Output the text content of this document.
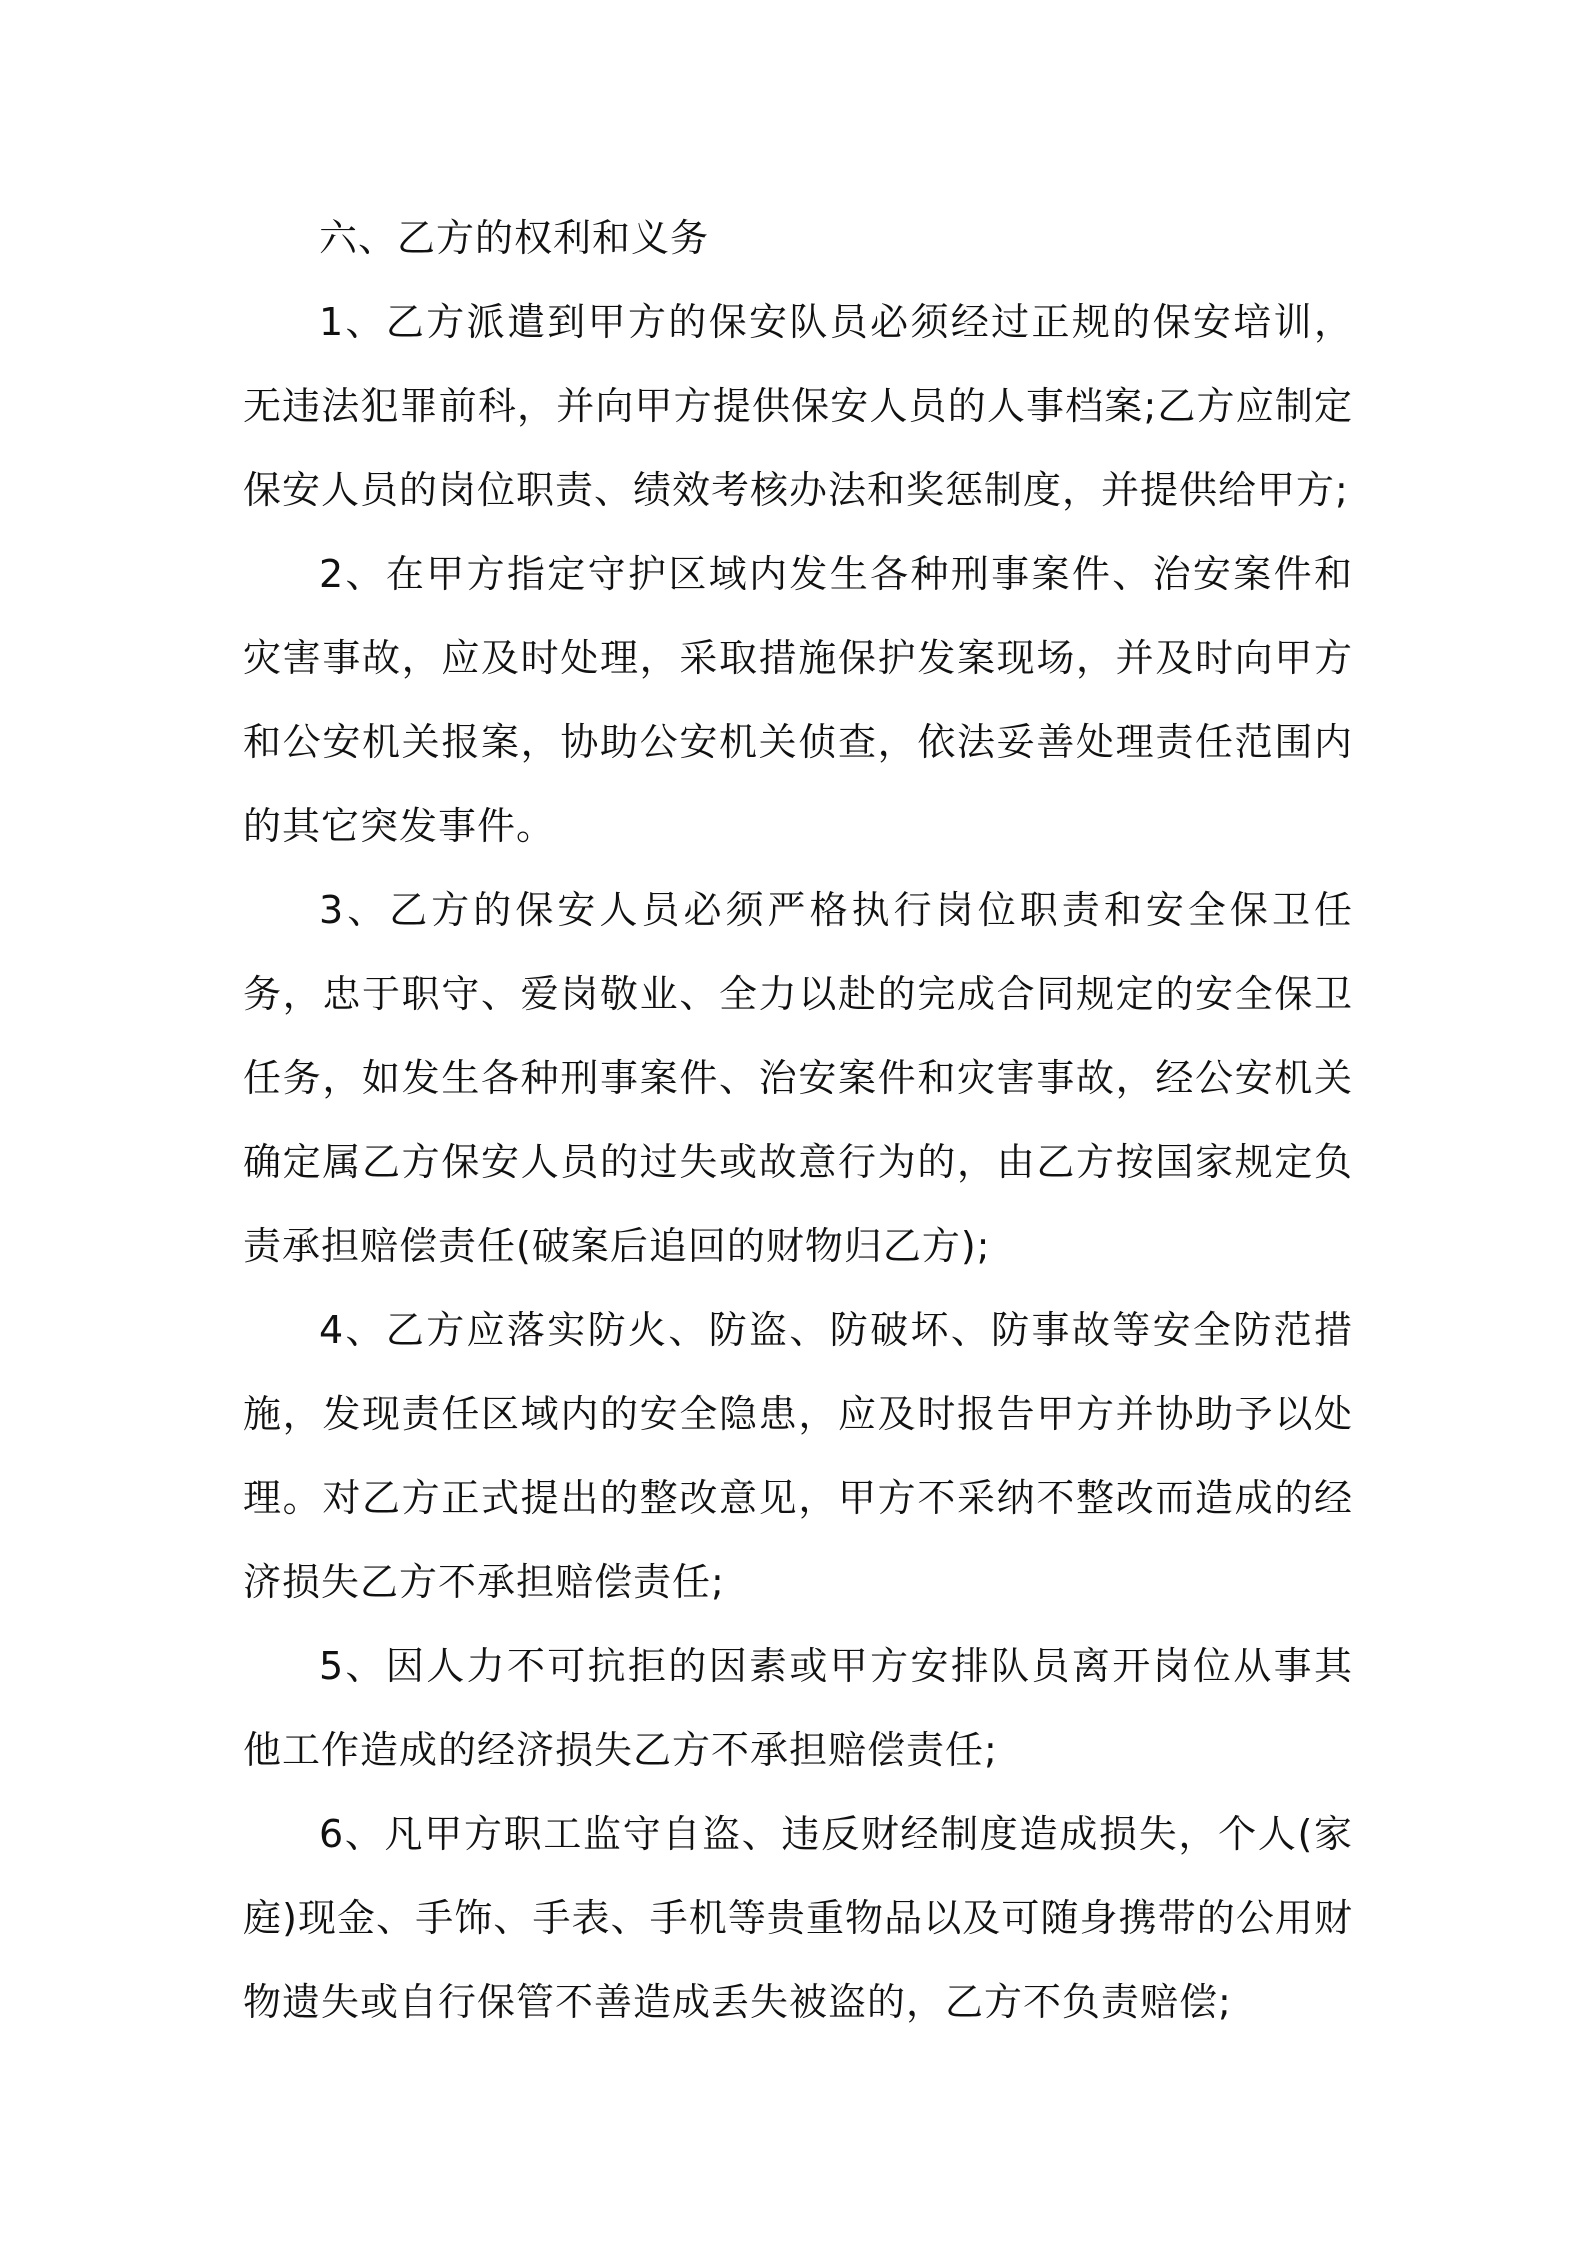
六、乙方的权利和义务

1、乙方派遣到甲方的保安队员必须经过正规的保安培训，无违法犯罪前科，并向甲方提供保安人员的人事档案;乙方应制定保安人员的岗位职责、绩效考核办法和奖惩制度，并提供给甲方;

2、在甲方指定守护区域内发生各种刑事案件、治安案件和灾害事故，应及时处理，采取措施保护发案现场，并及时向甲方和公安机关报案，协助公安机关侦查，依法妥善处理责任范围内的其它突发事件。

3、乙方的保安人员必须严格执行岗位职责和安全保卫任务，忠于职守、爱岗敬业、全力以赴的完成合同规定的安全保卫任务，如发生各种刑事案件、治安案件和灾害事故，经公安机关确定属乙方保安人员的过失或故意行为的，由乙方按国家规定负责承担赔偿责任(破案后追回的财物归乙方);

4、乙方应落实防火、防盗、防破坏、防事故等安全防范措施，发现责任区域内的安全隐患，应及时报告甲方并协助予以处理。对乙方正式提出的整改意见，甲方不采纳不整改而造成的经济损失乙方不承担赔偿责任;

5、因人力不可抗拒的因素或甲方安排队员离开岗位从事其他工作造成的经济损失乙方不承担赔偿责任;

6、凡甲方职工监守自盗、违反财经制度造成损失，个人(家庭)现金、手饰、手表、手机等贵重物品以及可随身携带的公用财物遗失或自行保管不善造成丢失被盗的，乙方不负责赔偿;
